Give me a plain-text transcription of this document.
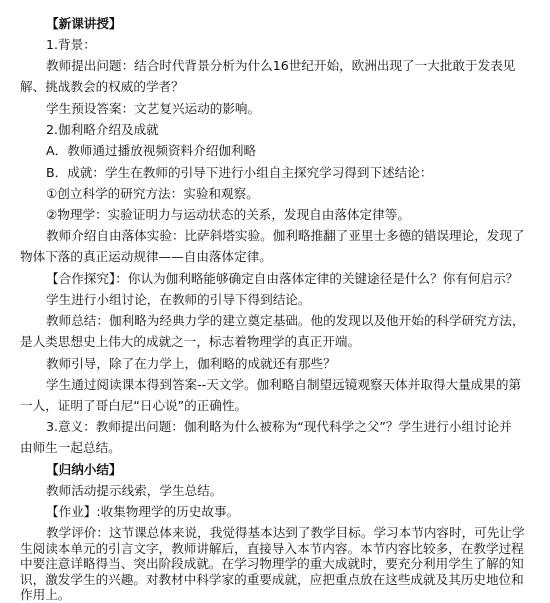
【新课讲授】
1.背景：
教师提出问题：结合时代背景分析为什么16世纪开始，欧洲出现了一大批敢于发表见
解、挑战教会的权威的学者？
学生预设答案：文艺复兴运动的影响。
2.伽利略介绍及成就
A．教师通过播放视频资料介绍伽利略
B．成就：学生在教师的引导下进行小组自主探究学习得到下述结论：
①创立科学的研究方法：实验和观察。
②物理学：实验证明力与运动状态的关系，发现自由落体定律等。
教师介绍自由落体实验：比萨斜塔实验。伽利略推翻了亚里士多德的错误理论，发现了
物体下落的真正运动规律——自由落体定律。
【合作探究】：你认为伽利略能够确定自由落体定律的关键途径是什么？你有何启示？
学生进行小组讨论，在教师的引导下得到结论。
教师总结：伽利略为经典力学的建立奠定基础。他的发现以及他开始的科学研究方法，
是人类思想史上伟大的成就之一，标志着物理学的真正开端。
教师引导，除了在力学上，伽利略的成就还有那些？
学生通过阅读课本得到答案--天文学。伽利略自制望远镜观察天体并取得大量成果的第
一人，证明了哥白尼“日心说”的正确性。
3.意义：教师提出问题：伽利略为什么被称为“现代科学之父”？学生进行小组讨论并
由师生一起总结。
【归纳小结】
教师活动提示线索，学生总结。
【作业】:收集物理学的历史故事。
教学评价：这节课总体来说，我觉得基本达到了教学目标。学习本节内容时，可先让学
生阅读本单元的引言文字，教师讲解后，直接导入本节内容。本节内容比较多，在教学过程
中要注意详略得当、突出阶段成就。在学习物理学的重大成就时，要充分利用学生了解的知
识，激发学生的兴趣。对教材中科学家的重要成就，应把重点放在这些成就及其历史地位和
作用上。
